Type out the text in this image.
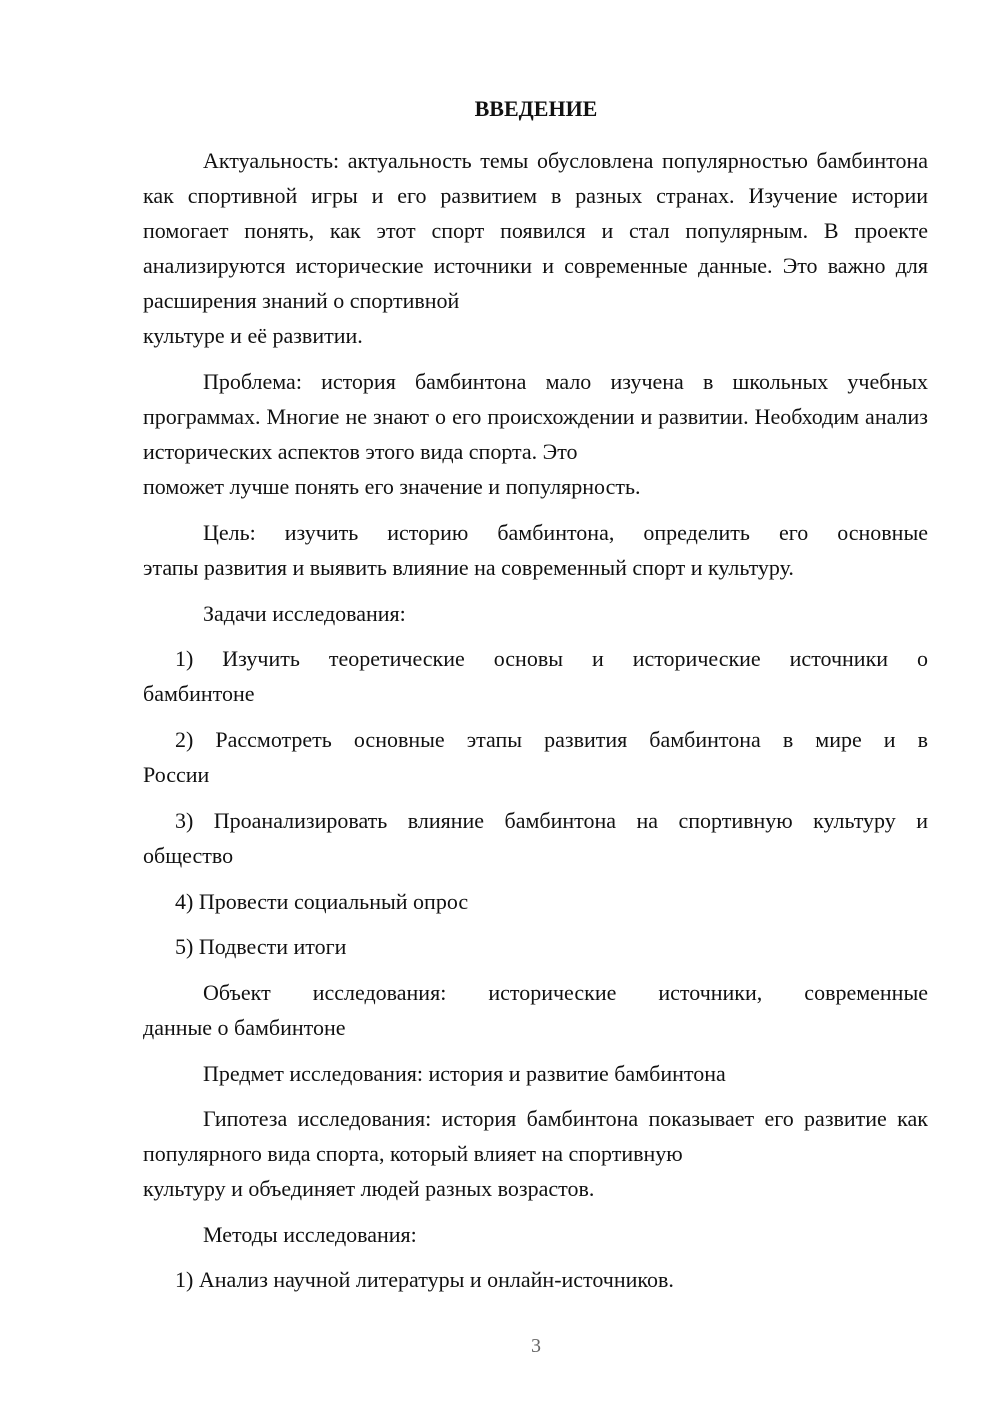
ВВЕДЕНИЕ
Актуальность: актуальность темы обусловлена популярностью бамбинтона как спортивной игры и его развитием в разных странах. Изучение истории помогает понять, как этот спорт появился и стал популярным. В проекте анализируются исторические источники и современные данные. Это важно для расширения знаний о спортивной
культуре и её развитии.
Проблема: история бамбинтона мало изучена в школьных учебных программах. Многие не знают о его происхождении и развитии. Необходим анализ исторических аспектов этого вида спорта. Это
поможет лучше понять его значение и популярность.
Цель: изучить историю бамбинтона, определить его основные
этапы развития и выявить влияние на современный спорт и культуру.
Задачи исследования:
1) Изучить теоретические основы и исторические источники о
бамбинтоне
2) Рассмотреть основные этапы развития бамбинтона в мире и в
России
3) Проанализировать влияние бамбинтона на спортивную культуру и
общество
4) Провести социальный опрос
5) Подвести итоги
Объект исследования: исторические источники, современные
данные о бамбинтоне
Предмет исследования: история и развитие бамбинтона
Гипотеза исследования: история бамбинтона показывает его развитие как популярного вида спорта, который влияет на спортивную
культуру и объединяет людей разных возрастов.
Методы исследования:
1) Анализ научной литературы и онлайн-источников.
3
